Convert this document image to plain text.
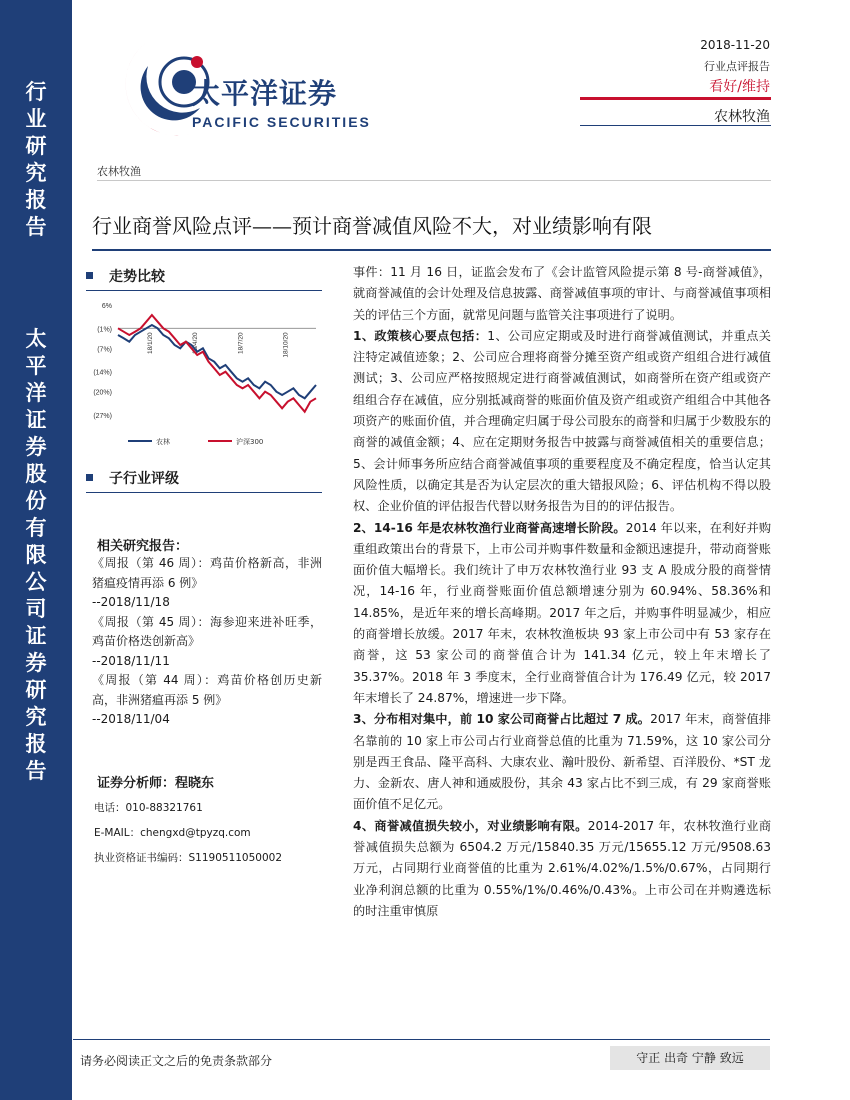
行
业
研
究
报
告
太
平
洋
证
券
股
份
有
限
公
司
证
券
研
究
报
告
太平洋证券
PACIFIC SECURITIES
2018-11-20
行业点评报告
看好/维持
农林牧渔
农林牧渔
行业商誉风险点评——预计商誉减值风险不大，对业绩影响有限
走势比较
6%
(1%)
(7%)
(14%)
(20%)
(27%)
18/1/20	18/4/20	18/7/20	18/10/20
农林	沪深300
子行业评级
相关研究报告：
《周报（第 46 周）：鸡苗价格新高，非洲猪瘟疫情再添 6 例》
--2018/11/18
《周报（第 45 周）：海参迎来进补旺季，鸡苗价格迭创新高》
--2018/11/11
《周报（第 44 周）：鸡苗价格创历史新高，非洲猪瘟再添 5 例》
--2018/11/04
证券分析师：程晓东
电话：010-88321761
E-MAIL：chengxd@tpyzq.com
执业资格证书编码：S1190511050002

事件：11 月 16 日，证监会发布了《会计监管风险提示第 8 号-商誉减值》，就商誉减值的会计处理及信息披露、商誉减值事项的审计、与商誉减值事项相关的评估三个方面，就常见问题与监管关注事项进行了说明。

1、政策核心要点包括：1、公司应定期或及时进行商誉减值测试，并重点关注特定减值迹象；2、公司应合理将商誉分摊至资产组或资产组组合进行减值测试；3、公司应严格按照规定进行商誉减值测试，如商誉所在资产组或资产组组合存在减值，应分别抵减商誉的账面价值及资产组或资产组组合中其他各项资产的账面价值，并合理确定归属于母公司股东的商誉和归属于少数股东的商誉的减值金额；4、应在定期财务报告中披露与商誉减值相关的重要信息；5、会计师事务所应结合商誉减值事项的重要程度及不确定程度，恰当认定其风险性质，以确定其是否为认定层次的重大错报风险；6、评估机构不得以股权、企业价值的评估报告代替以财务报告为目的的评估报告。

2、14-16 年是农林牧渔行业商誉高速增长阶段。2014 年以来，在利好并购重组政策出台的背景下，上市公司并购事件数量和金额迅速提升，带动商誉账面价值大幅增长。我们统计了申万农林牧渔行业 93 支 A 股成分股的商誉情况，14-16 年，行业商誉账面价值总额增速分别为 60.94%、58.36%和 14.85%，是近年来的增长高峰期。2017 年之后，并购事件明显减少，相应的商誉增长放缓。2017 年末，农林牧渔板块 93 家上市公司中有 53 家存在商誉，这 53 家公司的商誉值合计为 141.34 亿元，较上年末增长了 35.37%。2018 年 3 季度末，全行业商誉值合计为 176.49 亿元，较 2017 年末增长了 24.87%，增速进一步下降。

3、分布相对集中，前 10 家公司商誉占比超过 7 成。2017 年末，商誉值排名靠前的 10 家上市公司占行业商誉总值的比重为 71.59%，这 10 家公司分别是西王食品、隆平高科、大康农业、瀚叶股份、新希望、百洋股份、*ST 龙力、金新农、唐人神和通威股份，其余 43 家占比不到三成，有 29 家商誉账面价值不足亿元。

4、商誉减值损失较小，对业绩影响有限。2014-2017 年，农林牧渔行业商誉减值损失总额为 6504.2 万元/15840.35 万元/15655.12 万元/9508.63 万元，占同期行业商誉值的比重为 2.61%/4.02%/1.5%/0.67%，占同期行业净利润总额的比重为 0.55%/1%/0.46%/0.43%。上市公司在并购遴选标的时注重审慎原

请务必阅读正文之后的免责条款部分	守正 出奇 宁静 致远
